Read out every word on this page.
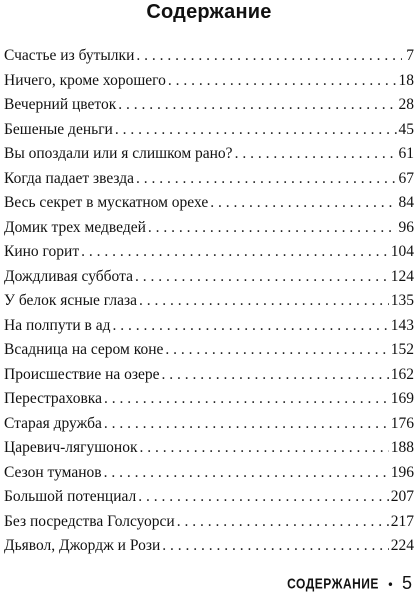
Содержание
Счастье из бутылки . . .	7
Ничего, кроме хорошего . . .	18
Вечерний цветок . . .	28
Бешеные деньги . . .	45
Вы опоздали или я слишком рано? . . .	61
Когда падает звезда . . .	67
Весь секрет в мускатном орехе . . .	84
Домик трех медведей . . .	96
Кино горит . . .	104
Дождливая суббота . . .	124
У белок ясные глаза . . .	135
На полпути в ад . . .	143
Всадница на сером коне . . .	152
Происшествие на озере . . .	162
Перестраховка . . .	169
Старая дружба . . .	176
Царевич-лягушонок . . .	188
Сезон туманов . . .	196
Большой потенциал . . .	207
Без посредства Голсуорси . . .	217
Дьявол, Джордж и Рози . . .	224
СОДЕРЖАНИЕ • 5
